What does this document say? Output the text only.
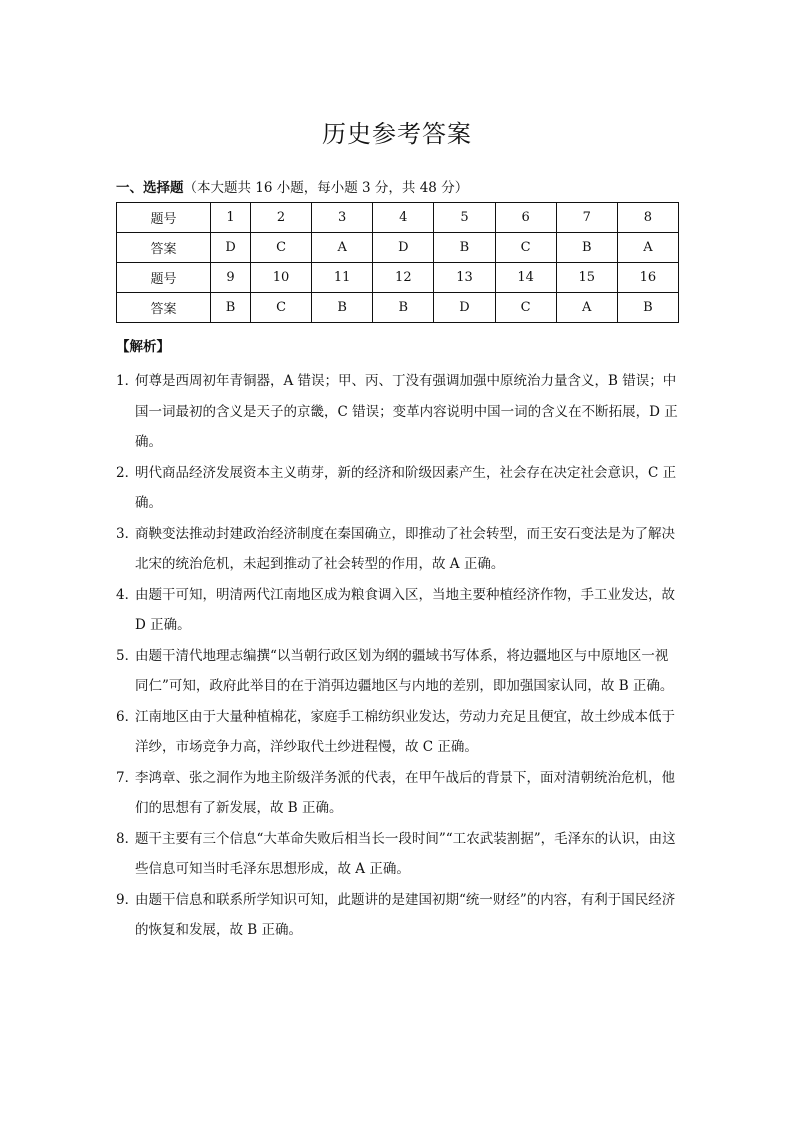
历史参考答案
一、选择题（本大题共 16 小题，每小题 3 分，共 48 分）
题号	1	2	3	4	5	6	7	8
答案	D	C	A	D	B	C	B	A
题号	9	10	11	12	13	14	15	16
答案	B	C	B	B	D	C	A	B
【解析】
1．
何尊是西周初年青铜器，A 错误；甲、丙、丁没有强调加强中原统治力量含义，B 错误；中国一词最初的含义是天子的京畿，C 错误；变革内容说明中国一词的含义在不断拓展，D 正确。
2．
明代商品经济发展资本主义萌芽，新的经济和阶级因素产生，社会存在决定社会意识，C 正确。
3．
商鞅变法推动封建政治经济制度在秦国确立，即推动了社会转型，而王安石变法是为了解决北宋的统治危机，未起到推动了社会转型的作用，故 A 正确。
4．
由题干可知，明清两代江南地区成为粮食调入区，当地主要种植经济作物，手工业发达，故 D 正确。
5．
由题干清代地理志编撰“以当朝行政区划为纲的疆域书写体系，将边疆地区与中原地区一视同仁”可知，政府此举目的在于消弭边疆地区与内地的差别，即加强国家认同，故 B 正确。
6．
江南地区由于大量种植棉花，家庭手工棉纺织业发达，劳动力充足且便宜，故土纱成本低于洋纱，市场竞争力高，洋纱取代土纱进程慢，故 C 正确。
7．
李鸿章、张之洞作为地主阶级洋务派的代表，在甲午战后的背景下，面对清朝统治危机，他们的思想有了新发展，故 B 正确。
8．
题干主要有三个信息“大革命失败后相当长一段时间”“工农武装割据”，毛泽东的认识，由这些信息可知当时毛泽东思想形成，故 A 正确。
9．
由题干信息和联系所学知识可知，此题讲的是建国初期“统一财经”的内容，有利于国民经济的恢复和发展，故 B 正确。
